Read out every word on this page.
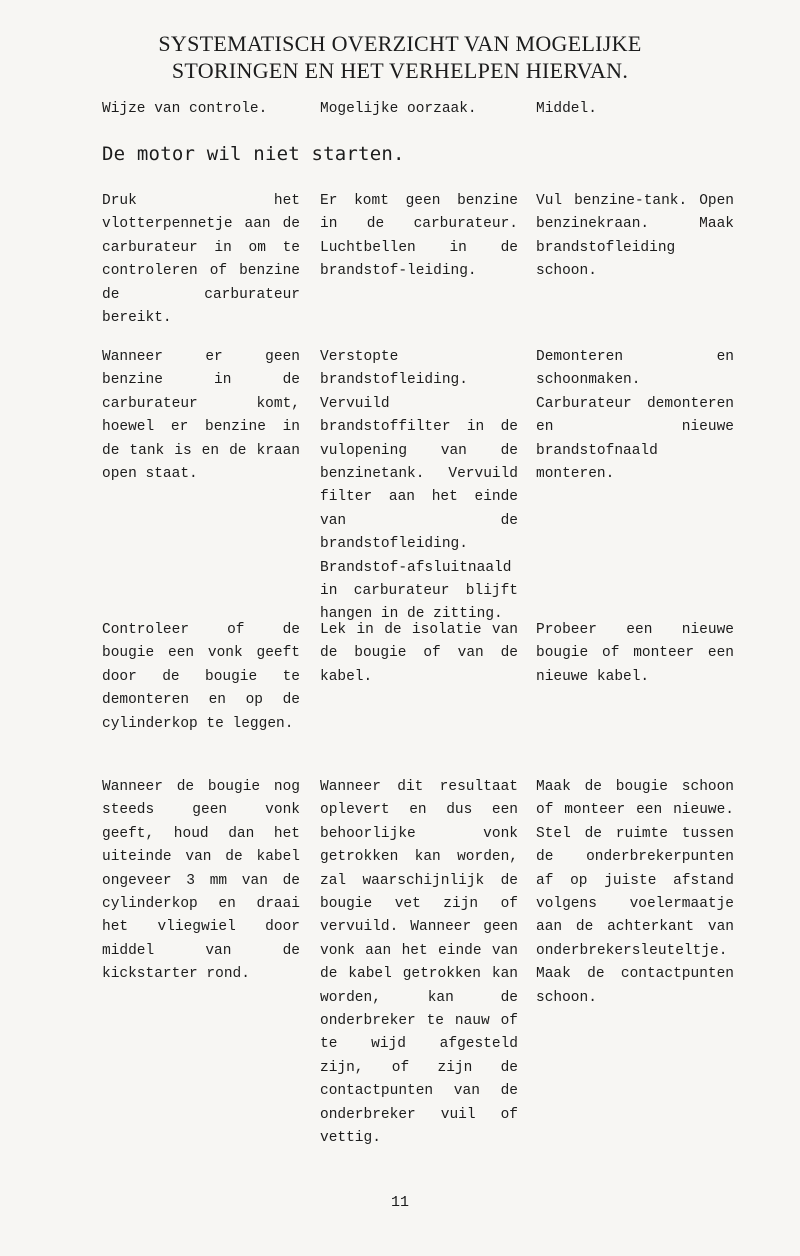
SYSTEMATISCH OVERZICHT VAN MOGELIJKE
STORINGEN EN HET VERHELPEN HIERVAN.
Wijze van controle.	Mogelijke oorzaak.	Middel.
De motor wil niet starten.
Druk het vlotterpennetje aan de carburateur in om te controleren of benzine de carburateur bereikt.
Er komt geen benzine in de carburateur. Luchtbellen in de brandstof-leiding.
Vul benzine-tank. Open benzinekraan. Maak brandstofleiding schoon.
Wanneer er geen benzine in de carburateur komt, hoewel er benzine in de tank is en de kraan open staat.
Verstopte brandstofleiding. Vervuild brandstoffilter in de vulopening van de benzinetank. Vervuild filter aan het einde van de brandstofleiding. Brandstof-afsluitnaald in carburateur blijft hangen in de zitting.
Demonteren en schoonmaken. Carburateur demonteren en nieuwe brandstofnaald monteren.
Controleer of de bougie een vonk geeft door de bougie te demonteren en op de cylinderkop te leggen.
Lek in de isolatie van de bougie of van de kabel.
Probeer een nieuwe bougie of monteer een nieuwe kabel.
Wanneer de bougie nog steeds geen vonk geeft, houd dan het uiteinde van de kabel ongeveer 3 mm van de cylinderkop en draai het vliegwiel door middel van de kickstarter rond.
Wanneer dit resultaat oplevert en dus een behoorlijke vonk getrokken kan worden, zal waarschijnlijk de bougie vet zijn of vervuild. Wanneer geen vonk aan het einde van de kabel getrokken kan worden, kan de onderbreker te nauw of te wijd afgesteld zijn, of zijn de contactpunten van de onderbreker vuil of vettig.
Maak de bougie schoon of monteer een nieuwe. Stel de ruimte tussen de onderbrekerpunten af op juiste afstand volgens voelermaatje aan de achterkant van onderbrekersleuteltje. Maak de contactpunten schoon.
11
